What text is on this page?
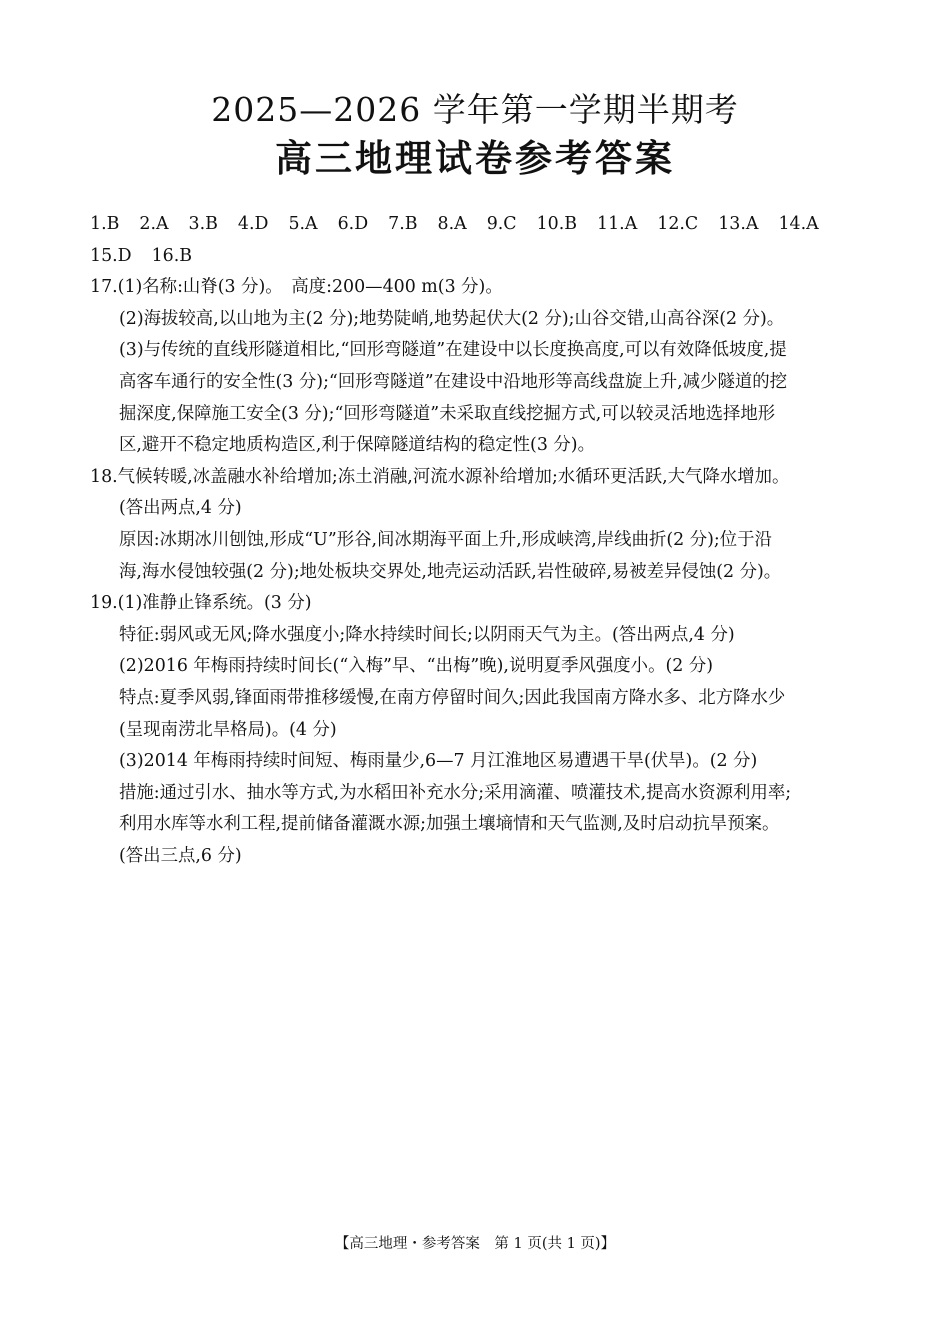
2025—2026 学年第一学期半期考
高三地理试卷参考答案
1.B 2.A 3.B 4.D 5.A 6.D 7.B 8.A 9.C 10.B 11.A 12.C 13.A 14.A
15.D 16.B
17.(1)名称:山脊(3 分)。　高度:200—400 m(3 分)。
(2)海拔较高,以山地为主(2 分);地势陡峭,地势起伏大(2 分);山谷交错,山高谷深(2 分)。
(3)与传统的直线形隧道相比,“回形弯隧道”在建设中以长度换高度,可以有效降低坡度,提
高客车通行的安全性(3 分);“回形弯隧道”在建设中沿地形等高线盘旋上升,减少隧道的挖
掘深度,保障施工安全(3 分);“回形弯隧道”未采取直线挖掘方式,可以较灵活地选择地形
区,避开不稳定地质构造区,利于保障隧道结构的稳定性(3 分)。
18.气候转暖,冰盖融水补给增加;冻土消融,河流水源补给增加;水循环更活跃,大气降水增加。
(答出两点,4 分)
原因:冰期冰川刨蚀,形成“U”形谷,间冰期海平面上升,形成峡湾,岸线曲折(2 分);位于沿
海,海水侵蚀较强(2 分);地处板块交界处,地壳运动活跃,岩性破碎,易被差异侵蚀(2 分)。
19.(1)准静止锋系统。(3 分)
特征:弱风或无风;降水强度小;降水持续时间长;以阴雨天气为主。(答出两点,4 分)
(2)2016 年梅雨持续时间长(“入梅”早、“出梅”晚),说明夏季风强度小。(2 分)
特点:夏季风弱,锋面雨带推移缓慢,在南方停留时间久;因此我国南方降水多、北方降水少
(呈现南涝北旱格局)。(4 分)
(3)2014 年梅雨持续时间短、梅雨量少,6—7 月江淮地区易遭遇干旱(伏旱)。(2 分)
措施:通过引水、抽水等方式,为水稻田补充水分;采用滴灌、喷灌技术,提高水资源利用率;
利用水库等水利工程,提前储备灌溉水源;加强土壤墒情和天气监测,及时启动抗旱预案。
(答出三点,6 分)
【高三地理・参考答案　第 1 页(共 1 页)】
